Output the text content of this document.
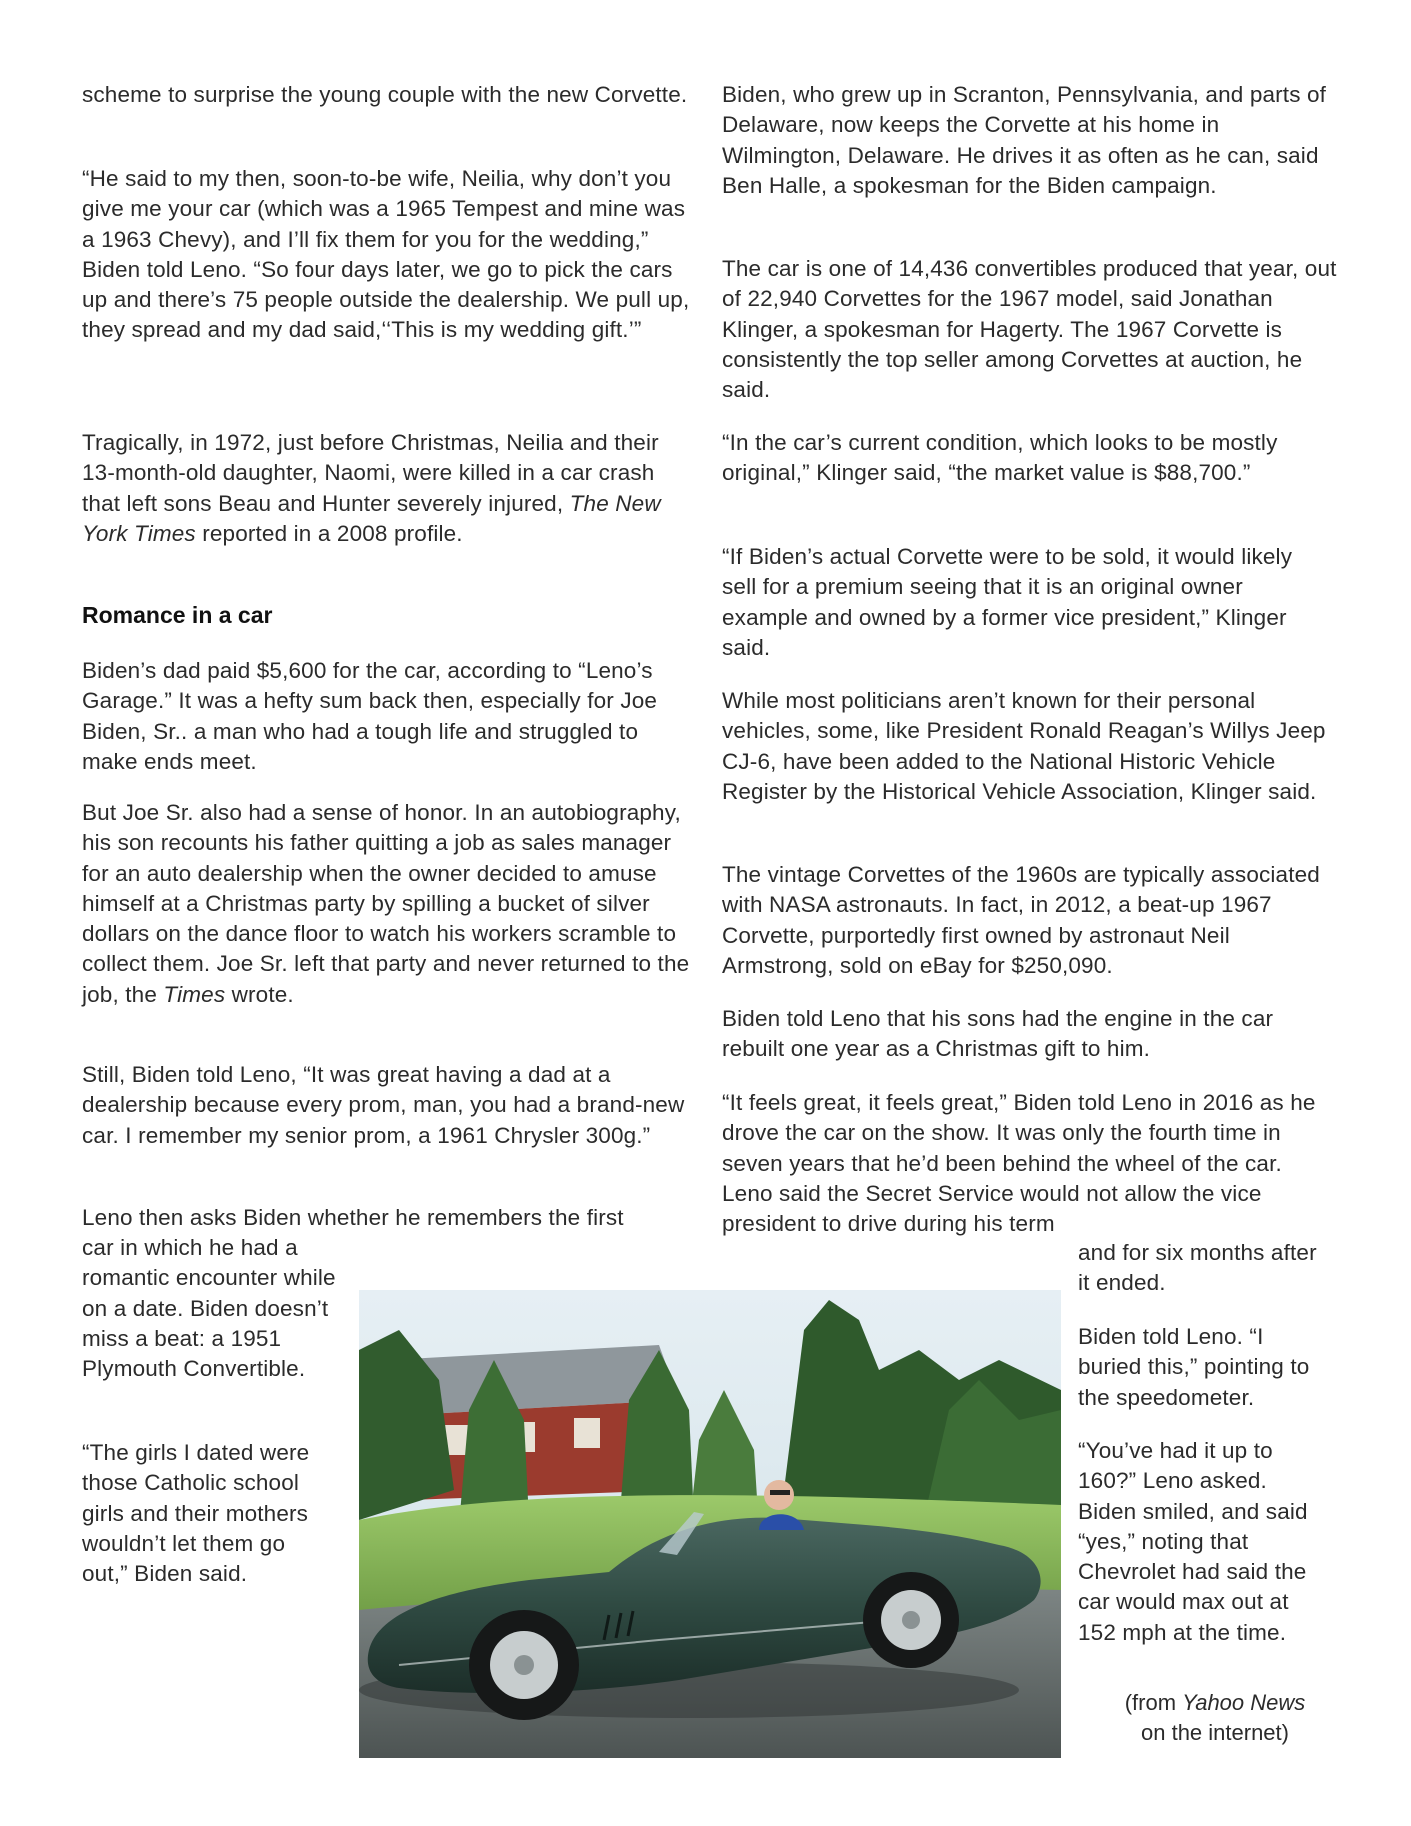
scheme to surprise the young couple with the new Corvette.

“He said to my then, soon-to-be wife, Neilia, why don’t you give me your car (which was a 1965 Tempest and mine was a 1963 Chevy), and I’ll fix them for you for the wedding,” Biden told Leno. “So four days later, we go to pick the cars up and there’s 75 people outside the dealership. We pull up, they spread and my dad said,‘‘This is my wedding gift.’”

Tragically, in 1972, just before Christmas, Neilia and their 13-month-old daughter, Naomi, were killed in a car crash that left sons Beau and Hunter severely injured, The New York Times reported in a 2008 profile.

Romance in a car

Biden’s dad paid $5,600 for the car, according to “Leno’s Garage.” It was a hefty sum back then, especially for Joe Biden, Sr.. a man who had a tough life and struggled to make ends meet.

But Joe Sr. also had a sense of honor. In an autobiography, his son recounts his father quitting a job as sales manager for an auto dealership when the owner decided to amuse himself at a Christmas party by spilling a bucket of silver dollars on the dance floor to watch his workers scramble to collect them. Joe Sr. left that party and never returned to the job, the Times wrote.

Still, Biden told Leno, “It was great having a dad at a dealership because every prom, man, you had a brand-new car. I remember my senior prom, a 1961 Chrysler 300g.”

Leno then asks Biden whether he remembers the first

car in which he had a romantic encounter while on a date. Biden doesn’t miss a beat: a 1951 Plymouth Convertible.

“The girls I dated were those Catholic school girls and their mothers wouldn’t let them go out,” Biden said.

Biden, who grew up in Scranton, Pennsylvania, and parts of Delaware, now keeps the Corvette at his home in Wilmington, Delaware. He drives it as often as he can, said Ben Halle, a spokesman for the Biden campaign.

The car is one of 14,436 convertibles produced that year, out of 22,940 Corvettes for the 1967 model, said Jonathan Klinger, a spokesman for Hagerty. The 1967 Corvette is consistently the top seller among Corvettes at auction, he said.

“In the car’s current condition, which looks to be mostly original,” Klinger said, “the market value is $88,700.”

“If Biden’s actual Corvette were to be sold, it would likely sell for a premium seeing that it is an original owner example and owned by a former vice president,” Klinger said.

While most politicians aren’t known for their personal vehicles, some, like President Ronald Reagan’s Willys Jeep CJ-6, have been added to the National Historic Vehicle Register by the Historical Vehicle Association, Klinger said.

The vintage Corvettes of the 1960s are typically associated with NASA astronauts. In fact, in 2012, a beat-up 1967 Corvette, purportedly first owned by astronaut Neil Armstrong, sold on eBay for $250,090.

Biden told Leno that his sons had the engine in the car rebuilt one year as a Christmas gift to him.

“It feels great, it feels great,” Biden told Leno in 2016 as he drove the car on the show. It was only the fourth time in seven years that he’d been behind the wheel of the car. Leno said the Secret Service would not allow the vice president to drive during his term

and for six months after it ended.

Biden told Leno. “I buried this,” pointing to the speedometer.

“You’ve had it up to 160?” Leno asked. Biden smiled, and said “yes,” noting that Chevrolet had said the car would max out at 152 mph at the time.

(from Yahoo News
on the internet)
